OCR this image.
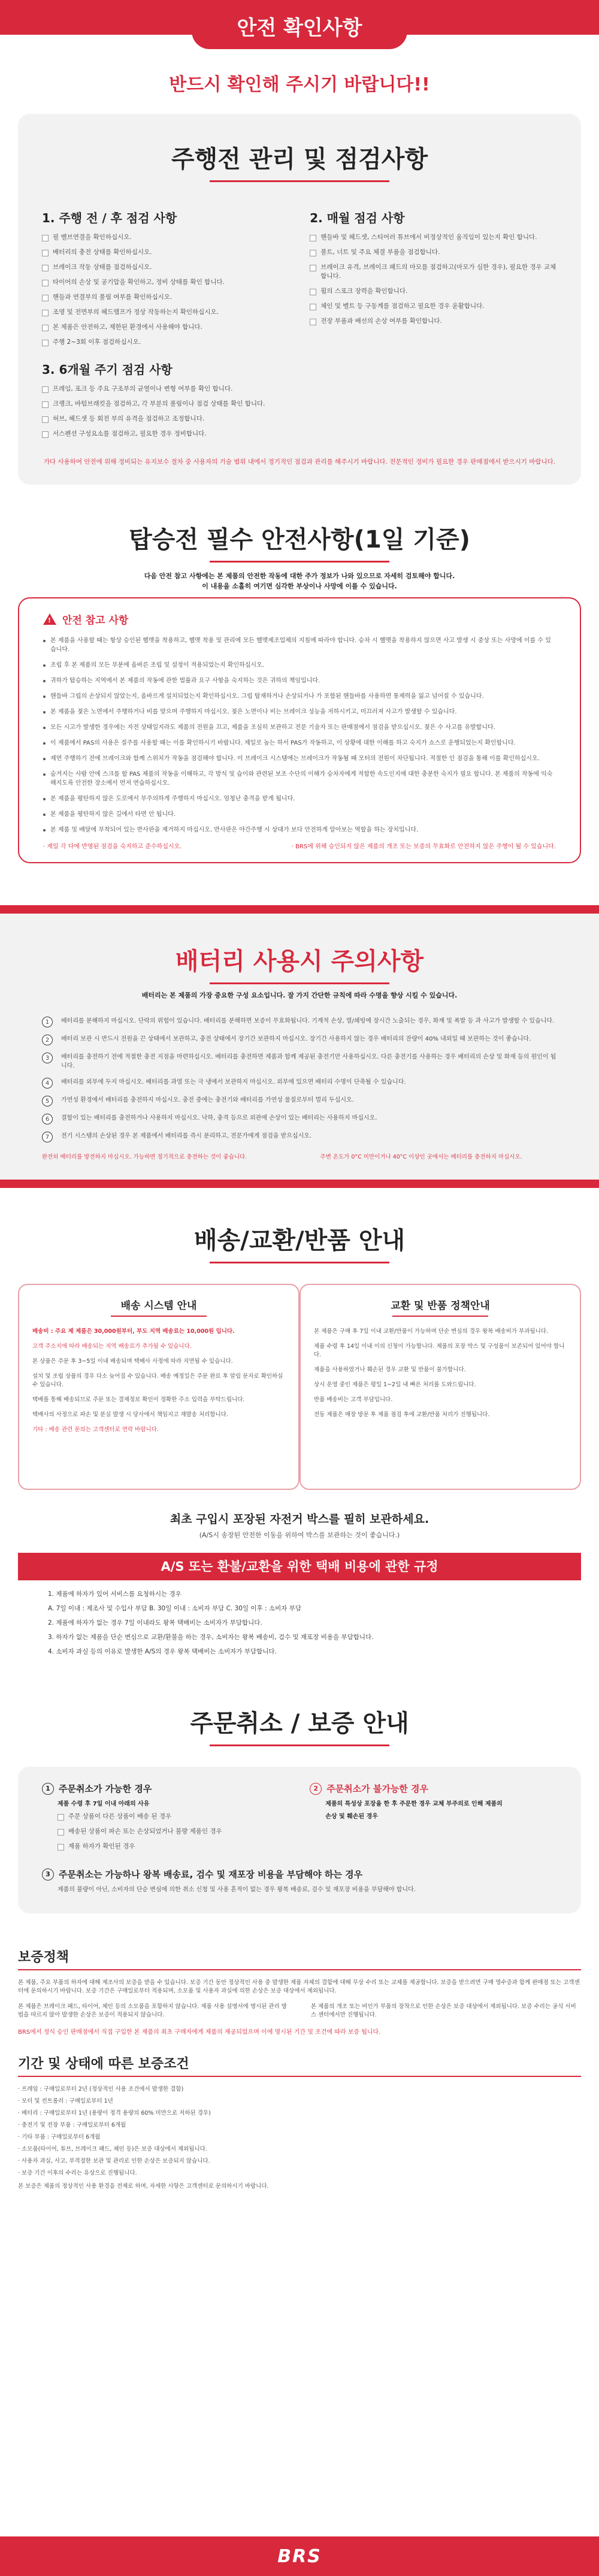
안전 확인사항
반드시 확인해 주시기 바랍니다!!
주행전 관리 및 점검사항
1. 주행 전 / 후 점검 사항
필 밸브연결을 확인하십시오.
배터리의 충전 상태를 확인하십시오.
브레이크 작동 상태를 점검하십시오.
타이어의 손상 및 공기압을 확인하고, 정비 상태를 확인 합니다.
핸들과 연결부의 풀림 여부를 확인하십시오.
조명 및 전면부의 헤드램프가 정상 작동하는지 확인하십시오.
본 제품은 안전하고, 제한된 환경에서 사용해야 합니다.
주행 2~3회 이후 점검하십시오.
3. 6개월 주기 점검 사항
프레임, 포크 등 주요 구조부의 균열이나 변형 여부를 확인 합니다.
크랭크, 바텀브래킷을 점검하고, 각 부분의 풀림이나 점검 상태를 확인 합니다.
허브, 헤드셋 등 회전 부의 유격을 점검하고 조정합니다.
서스펜션 구성요소를 점검하고, 필요한 경우 정비합니다.
2. 매월 점검 사항
핸들바 및 헤드셋, 스티어러 튜브에서 비정상적인 움직임이 있는지 확인 합니다.
볼트, 너트 및 주요 체결 부품을 점검합니다.
브레이크 유격, 브레이크 패드의 마모를 점검하고(마모가 심한 경우), 필요한 경우 교체합니다.
휠의 스포크 장력을 확인합니다.
체인 및 벨트 등 구동계를 점검하고 필요한 경우 윤활합니다.
전장 부품과 배선의 손상 여부를 확인합니다.
가다 사용하여 안전에 위해 정비되는 유지보수 절차 중 사용자의 기술 범위 내에서 정기적인 점검과 관리를 해주시기 바랍니다. 전문적인 정비가 필요한 경우 판매점에서 받으시기 바랍니다.
탑승전 필수 안전사항(1일 기준)
다음 안전 참고 사항에는 본 제품의 안전한 작동에 대한 주가 정보가 나와 있으므로 자세히 검토해야 합니다.
이 내용을 소홀히 여기면 심각한 부상이나 사망에 이를 수 있습니다.
! 안전 참고 사항
본 제품을 사용할 때는 항상 승인된 헬멧을 착용하고, 헬멧 착용 및 관리에 모든 헬멧제조업체의 지침에 따라야 합니다. 승차 시 헬멧을 착용하지 않으면 사고 발생 시 중상 또는 사망에 이를 수 있습니다.
조립 후 본 제품의 모든 부분에 올바른 조립 및 설정이 적용되었는지 확인하십시오.
귀하가 탑승하는 지역에서 본 제품의 작동에 관한 법률과 요구 사항을 숙지하는 것은 귀하의 책임입니다.
핸들바 그립의 손상되지 않았는지, 올바르게 설치되었는지 확인하십시오. 그립 탑재하거나 손상되거나 가 포함된 핸들바를 사용하면 통제력을 잃고 넘어질 수 있습니다.
본 제품을 젖은 노면에서 주행하거나 비를 맞으며 주행하지 마십시오. 젖은 노면이나 비는 브레이크 성능을 저하시키고, 미끄러져 사고가 발생할 수 있습니다.
모든 시고가 발생한 경우에는 자전 상태일지라도 제품의 전원을 끄고, 제품을 조심히 보관하고 전문 기술자 또는 판매점에서 점검을 받으십시오. 젖은 수 사고를 유발합니다.
이 제품에서 PAS의 사용은 질주를 사용할 때는 이를 확인하시기 바랍니다. 제일로 높는 하서 PAS가 작동하고, 이 상황에 대한 이해를 하고 숙지가 쇼스로 운행되었는지 확인합니다.
제면 주행하기 전에 브레이크와 함께 스위치가 작동을 점검해야 합니다. 이 브레이크 시스템에는 브레이크가 작동될 때 모터의 전원이 차단됩니다. 적절한 인 점검을 통해 이를 확인하십시오.
숨겨지는 사람 안에 스크를 할 PAS 제품의 작동을 이해하고, 각 방식 및 습이와 관련된 보조 수단의 이해가 승차자에게 적합한 속도인지에 대한 충분한 숙지가 필요 합니다. 본 제품의 작동에 익숙해지도록 안전한 장소에서 먼저 연습하십시오.
본 제품을 평탄하지 않은 도로에서 부주의하게 주행하지 마십시오. 엄청난 충격을 받게 됩니다.
본 제품을 평탄하지 않은 길에서 타면 안 됩니다.
본 제품 및 배달에 부착되어 있는 반사판을 제거하지 마십시오. 반사판은 야간주행 시 상대가 보다 안전하게 알아보는 역할을 하는 장치입니다.
· 제일 각 다에 반영된 점검을 숙지하고 준수하십시오.	· BRS에 위해 승인되지 않은 제품의 개조 또는 보증의 무효화로 안전하지 않은 주행이 될 수 있습니다.
배터리 사용시 주의사항
배터리는 본 제품의 가장 중요한 구성 요소입니다. 잘 가지 간단한 규칙에 따라 수명을 향상 시킬 수 있습니다.
1	배터리를 분해하지 마십시오. 단락의 위험이 있습니다. 배터리를 분해하면 보증이 무효화됩니다. 기계적 손상, 열/쇄빙에 장시간 노출되는 경우, 화재 및 폭발 등 과 사고가 발생할 수 있습니다.
2	배터리 보관 시 반드시 전원을 끈 상태에서 보관하고, 충전 상태에서 장기간 보관하지 마십시오. 장기간 사용하지 않는 경우 배터리의 잔량이 40% 내외일 때 보관하는 것이 좋습니다.
3	배터리를 충전하기 전에 적절한 충전 지점을 마련하십시오. 배터리를 충전하면 제품과 함께 제공된 충전기만 사용하십시오. 다른 충전기를 사용하는 경우 배터리의 손상 및 화재 등의 원인이 됩니다.
4	배터리를 외부에 두지 마십시오. 배터리를 과열 또는 극 냉에서 보관하지 마십시오. 외부에 있으면 배터리 수명이 단축될 수 있습니다.
5	가연성 환경에서 배터리를 충전하지 마십시오. 충전 중에는 충전기와 배터리를 가연성 물질로부터 멀리 두십시오.
6	결함이 있는 배터리를 충전하거나 사용하지 마십시오. 낙하, 충격 등으로 외관에 손상이 있는 배터리는 사용하지 마십시오.
7	전기 시스템의 손상된 경우 본 제품에서 배터리를 즉시 분리하고, 전문가에게 점검을 받으십시오.
완전히 배터리를 방전하지 마십시오. 가능하면 정기적으로 충전하는 것이 좋습니다.	주변 온도가 0°C 미만이거나 40°C 이상인 곳에서는 배터리를 충전하지 마십시오.
배송/교환/반품 안내
배송 시스템 안내
배송비 : 주요 제 제품은 30,000원부터, 부도 지역 배송료는 10,000원 입니다.
고객 주소지에 따라 배송되는 지역 배송료가 추가될 수 있습니다.
본 상품은 주문 후 3~5일 이내 배송되며 택배사 사정에 따라 지연될 수 있습니다.
설치 및 조립 상품의 경우 다소 늦어질 수 있습니다. 배송 예정일은 주문 완료 후 알림 문자로 확인하실 수 있습니다.
택배를 통해 배송되므로 주문 또는 결제정보 확인이 정확한 주소 입력을 부탁드립니다.
택배사의 사정으로 파손 및 분실 발생 시 당사에서 책임지고 재발송 처리합니다.
기타 : 배송 관련 문의는 고객센터로 연락 바랍니다.
교환 및 반품 정책안내
본 제품은 구매 후 7일 이내 교환/반품이 가능하며 단순 변심의 경우 왕복 배송비가 부과됩니다.
제품 수령 후 14일 이내 이의 신청이 가능합니다. 제품의 포장 박스 및 구성품이 보존되어 있어야 합니다.
제품을 사용하였거나 훼손된 경우 교환 및 반품이 불가합니다.
상시 운영 중인 제품은 평일 1~2일 내 빠른 처리를 도와드립니다.
반품 배송비는 고객 부담입니다.
전동 제품은 매장 방문 후 제품 점검 후에 교환/반품 처리가 진행됩니다.
최초 구입시 포장된 자전거 박스를 필히 보관하세요.
(A/S시 송장된 안전한 이동을 위하여 박스를 보관하는 것이 좋습니다.)
A/S 또는 환불/교환을 위한 택배 비용에 관한 규정
1. 제품에 하자가 있어 서비스를 요청하시는 경우
A. 7일 이내 : 제조사 및 수입사 부담 B. 30일 이내 : 소비자 부담 C. 30일 이후 : 소비자 부담
2. 제품에 하자가 없는 경우 7일 이내라도 왕복 택배비는 소비자가 부담합니다.
3. 하자가 없는 제품을 단순 변심으로 교환/환불을 하는 경우, 소비자는 왕복 배송비, 검수 및 재포장 비용을 부담합니다.
4. 소비자 과실 등의 이유로 발생한 A/S의 경우 왕복 택배비는 소비자가 부담합니다.
주문취소 / 보증 안내
1 주문취소가 가능한 경우
제품 수령 후 7일 이내 아래의 사유
주문 상품이 다른 상품이 배송 된 경우
배송된 상품이 파손 또는 손상되었거나 불량 제품인 경우
제품 하자가 확인된 경우
2 주문취소가 불가능한 경우
제품의 특성상 포장을 한 후 주문한 경우 교체 부주의로 인해 제품의
손상 및 훼손된 경우
3 주문취소는 가능하나 왕복 배송료, 검수 및 재포장 비용을 부담해야 하는 경우
제품의 불량이 아닌, 소비자의 단순 변심에 의한 취소 신청 및 사용 흔적이 없는 경우 왕복 배송료, 검수 및 재포장 비용을 부담해야 합니다.
보증정책
본 제품, 주요 부품의 하자에 대해 제조사의 보증을 받을 수 있습니다. 보증 기간 동안 정상적인 사용 중 발생한 제품 자체의 결함에 대해 무상 수리 또는 교체를 제공합니다. 보증을 받으려면 구매 영수증과 함께 판매점 또는 고객센터에 문의하시기 바랍니다. 보증 기간은 구매일로부터 적용되며, 소모품 및 사용자 과실에 의한 손상은 보증 대상에서 제외됩니다.
본 제품은 브레이크 패드, 타이어, 체인 등의 소모품을 포함하지 않습니다. 제품 사용 설명서에 명시된 관리 방법을 따르지 않아 발생한 손상은 보증이 적용되지 않습니다.
본 제품의 개조 또는 비인가 부품의 장착으로 인한 손상은 보증 대상에서 제외됩니다. 보증 수리는 공식 서비스 센터에서만 진행됩니다.
BRS에서 정식 승인 판매점에서 직접 구입한 본 제품의 최초 구매자에게 제품의 재공되었으며 이에 명시된 기간 및 조건에 따라 보증 됩니다.
기간 및 상태에 따른 보증조건
· 프레임 : 구매일로부터 2년 (정상적인 사용 조건에서 발생한 결함)
· 모터 및 컨트롤러 : 구매일로부터 1년
· 배터리 : 구매일로부터 1년 (용량이 정격 용량의 60% 미만으로 저하된 경우)
· 충전기 및 전장 부품 : 구매일로부터 6개월
· 기타 부품 : 구매일로부터 6개월
· 소모품(타이어, 튜브, 브레이크 패드, 체인 등)은 보증 대상에서 제외됩니다.
· 사용자 과실, 사고, 부적절한 보관 및 관리로 인한 손상은 보증되지 않습니다.
· 보증 기간 이후의 수리는 유상으로 진행됩니다.
본 보증은 제품의 정상적인 사용 환경을 전제로 하며, 자세한 사항은 고객센터로 문의하시기 바랍니다.
BRS
